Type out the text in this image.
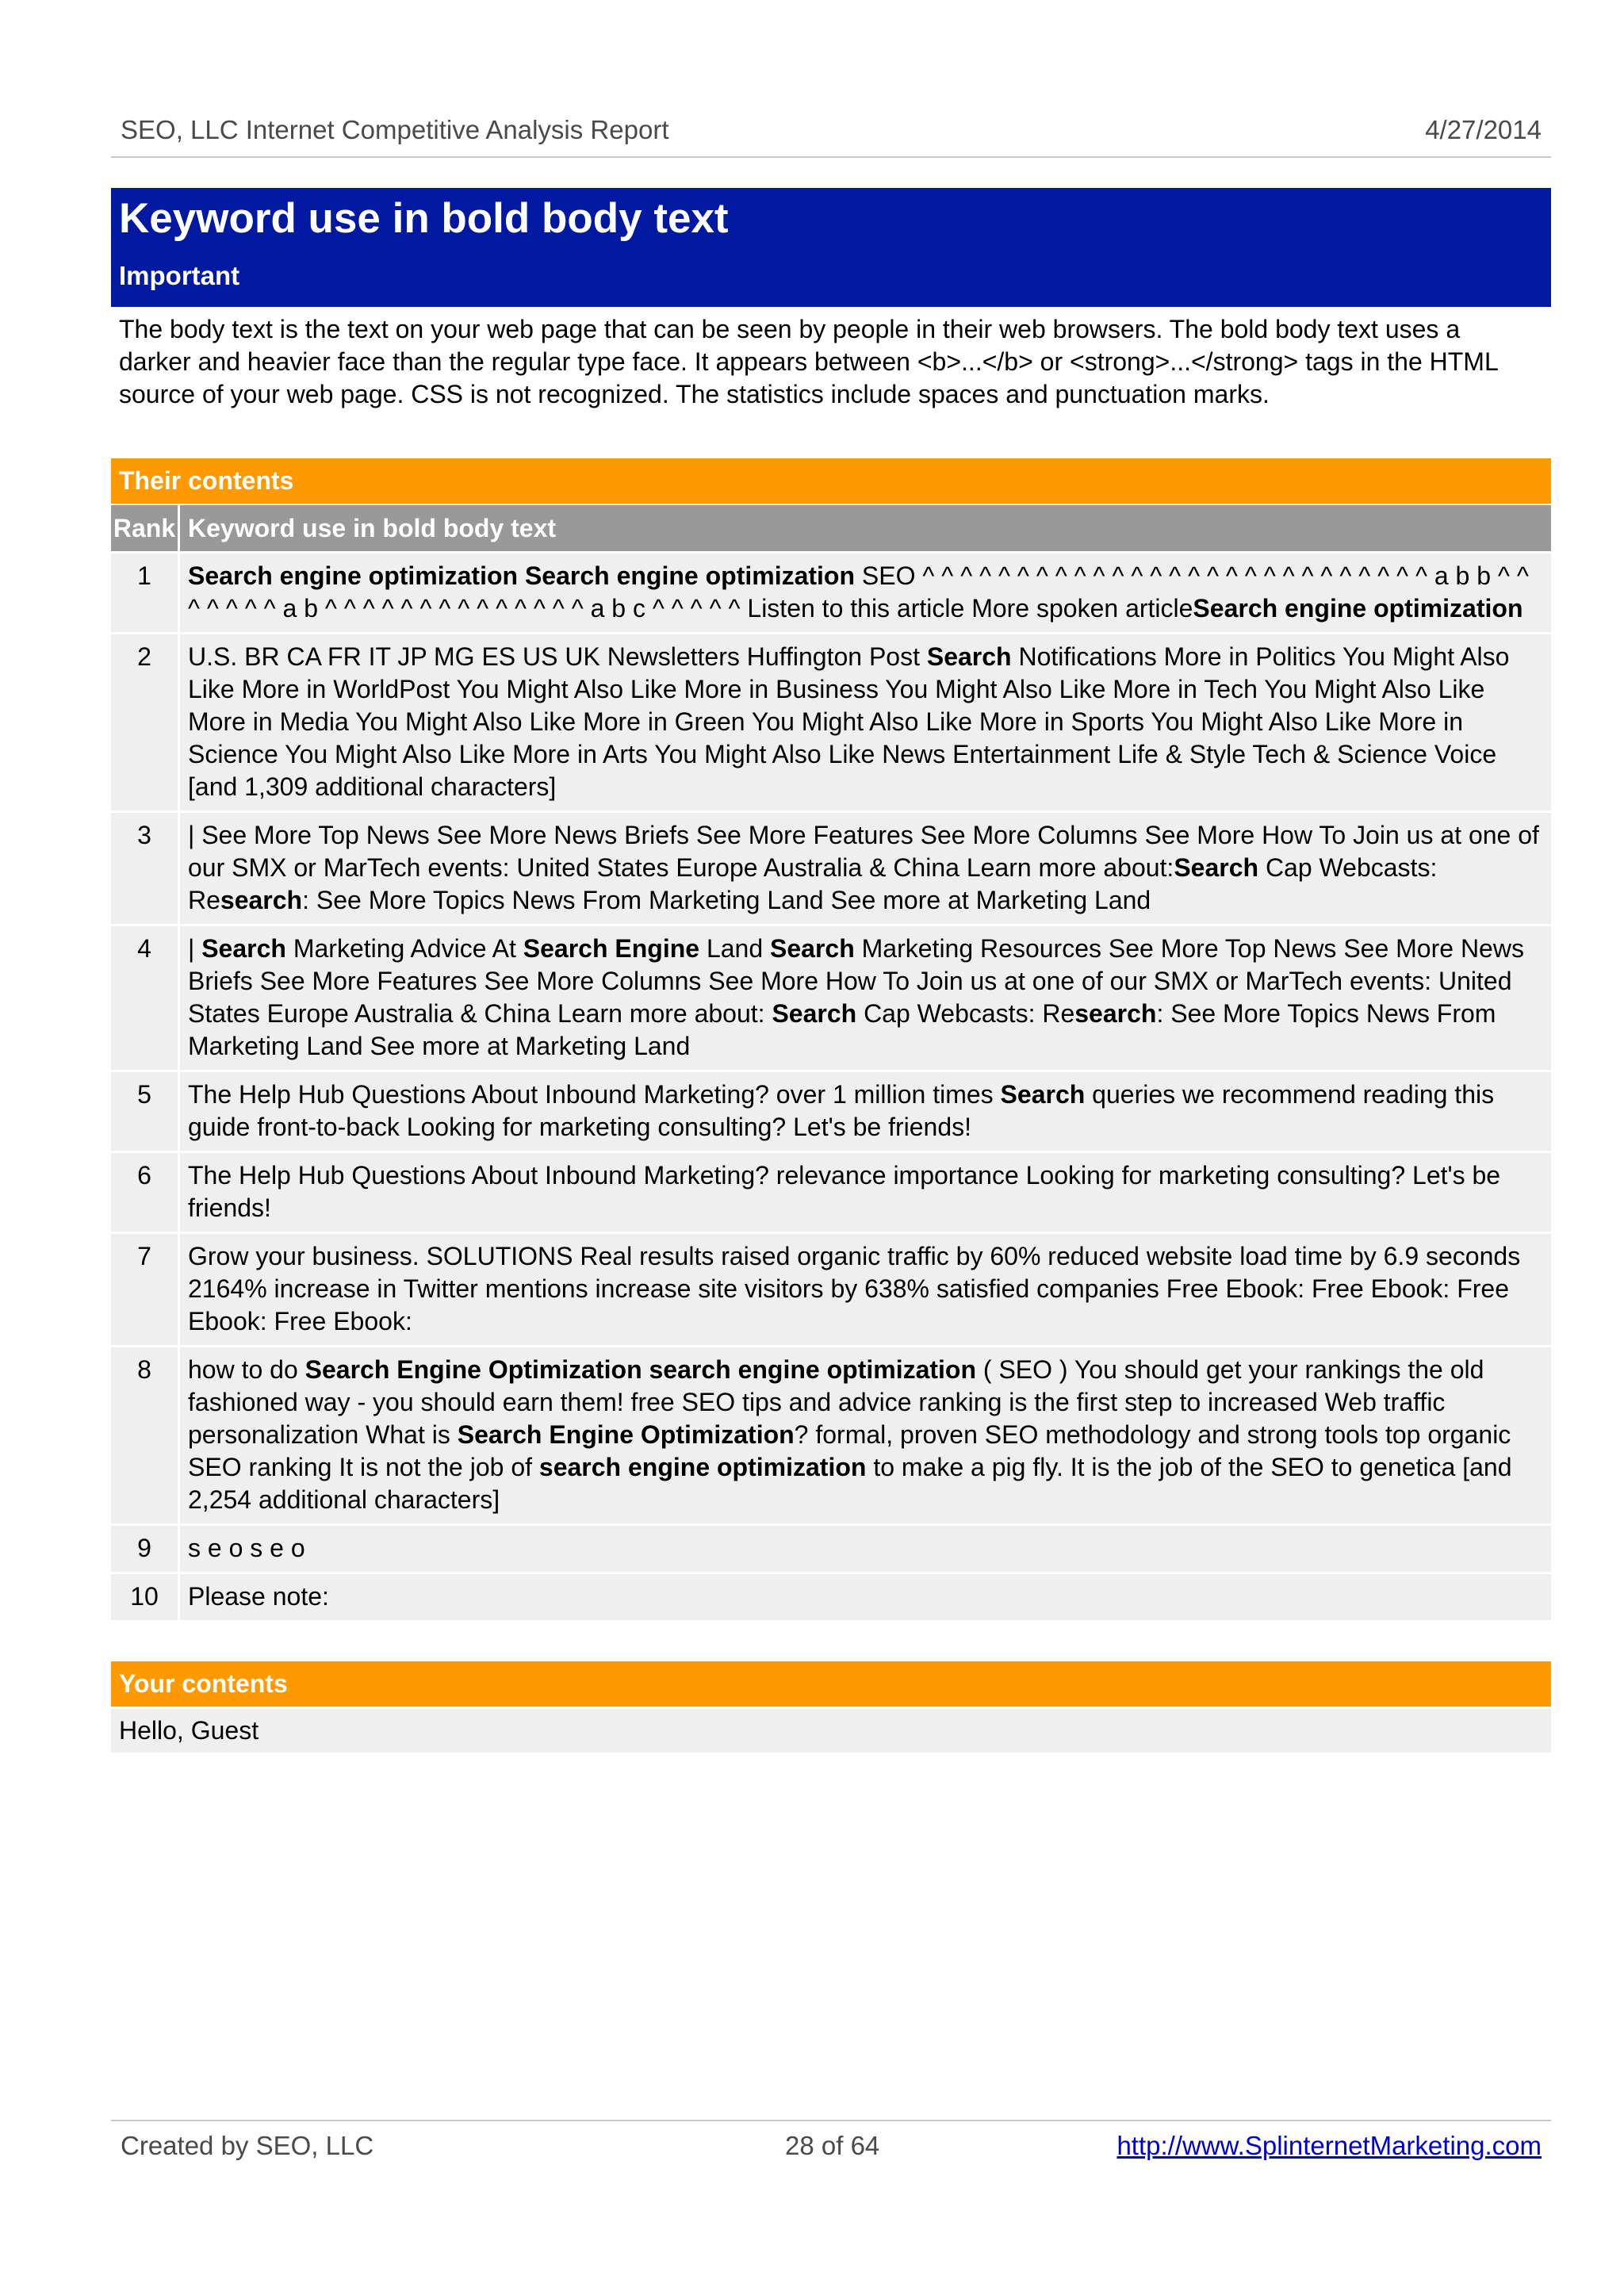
SEO, LLC Internet Competitive Analysis Report	4/27/2014
Keyword use in bold body text
Important
The body text is the text on your web page that can be seen by people in their web browsers. The bold body text uses a darker and heavier face than the regular type face. It appears between <b>...</b> or <strong>...</strong> tags in the HTML source of your web page. CSS is not recognized. The statistics include spaces and punctuation marks.
Their contents	
Rank	Keyword use in bold body text
1	Search engine optimization Search engine optimization SEO ^ ^ ^ ^ ^ ^ ^ ^ ^ ^ ^ ^ ^ ^ ^ ^ ^ ^ ^ ^ ^ ^ ^ ^ ^ ^ ^ a b b ^ ^ ^ ^ ^ ^ ^ a b ^ ^ ^ ^ ^ ^ ^ ^ ^ ^ ^ ^ ^ ^ a b c ^ ^ ^ ^ ^ Listen to this article More spoken articleSearch engine optimization
2	U.S. BR CA FR IT JP MG ES US UK Newsletters Huffington Post Search Notifications More in Politics You Might Also Like More in WorldPost You Might Also Like More in Business You Might Also Like More in Tech You Might Also Like More in Media You Might Also Like More in Green You Might Also Like More in Sports You Might Also Like More in Science You Might Also Like More in Arts You Might Also Like News Entertainment Life & Style Tech & Science Voice [and 1,309 additional characters]
3	| See More Top News See More News Briefs See More Features See More Columns See More How To Join us at one of our SMX or MarTech events: United States Europe Australia & China Learn more about:Search Cap Webcasts: Research: See More Topics News From Marketing Land See more at Marketing Land
4	| Search Marketing Advice At Search Engine Land Search Marketing Resources See More Top News See More News Briefs See More Features See More Columns See More How To Join us at one of our SMX or MarTech events: United States Europe Australia & China Learn more about: Search Cap Webcasts: Research: See More Topics News From Marketing Land See more at Marketing Land
5	The Help Hub Questions About Inbound Marketing? over 1 million times Search queries we recommend reading this guide front-to-back Looking for marketing consulting? Let's be friends!
6	The Help Hub Questions About Inbound Marketing? relevance importance Looking for marketing consulting? Let's be friends!
7	Grow your business. SOLUTIONS Real results raised organic traffic by 60% reduced website load time by 6.9 seconds 2164% increase in Twitter mentions increase site visitors by 638% satisfied companies Free Ebook: Free Ebook: Free Ebook: Free Ebook:
8	how to do Search Engine Optimization search engine optimization ( SEO ) You should get your rankings the old fashioned way - you should earn them! free SEO tips and advice ranking is the first step to increased Web traffic personalization What is Search Engine Optimization? formal, proven SEO methodology and strong tools top organic SEO ranking It is not the job of search engine optimization to make a pig fly. It is the job of the SEO to genetica [and 2,254 additional characters]
9	s e o s e o
10	Please note:
Your contents
Hello, Guest
Created by SEO, LLC	28 of 64	http://www.SplinternetMarketing.com
